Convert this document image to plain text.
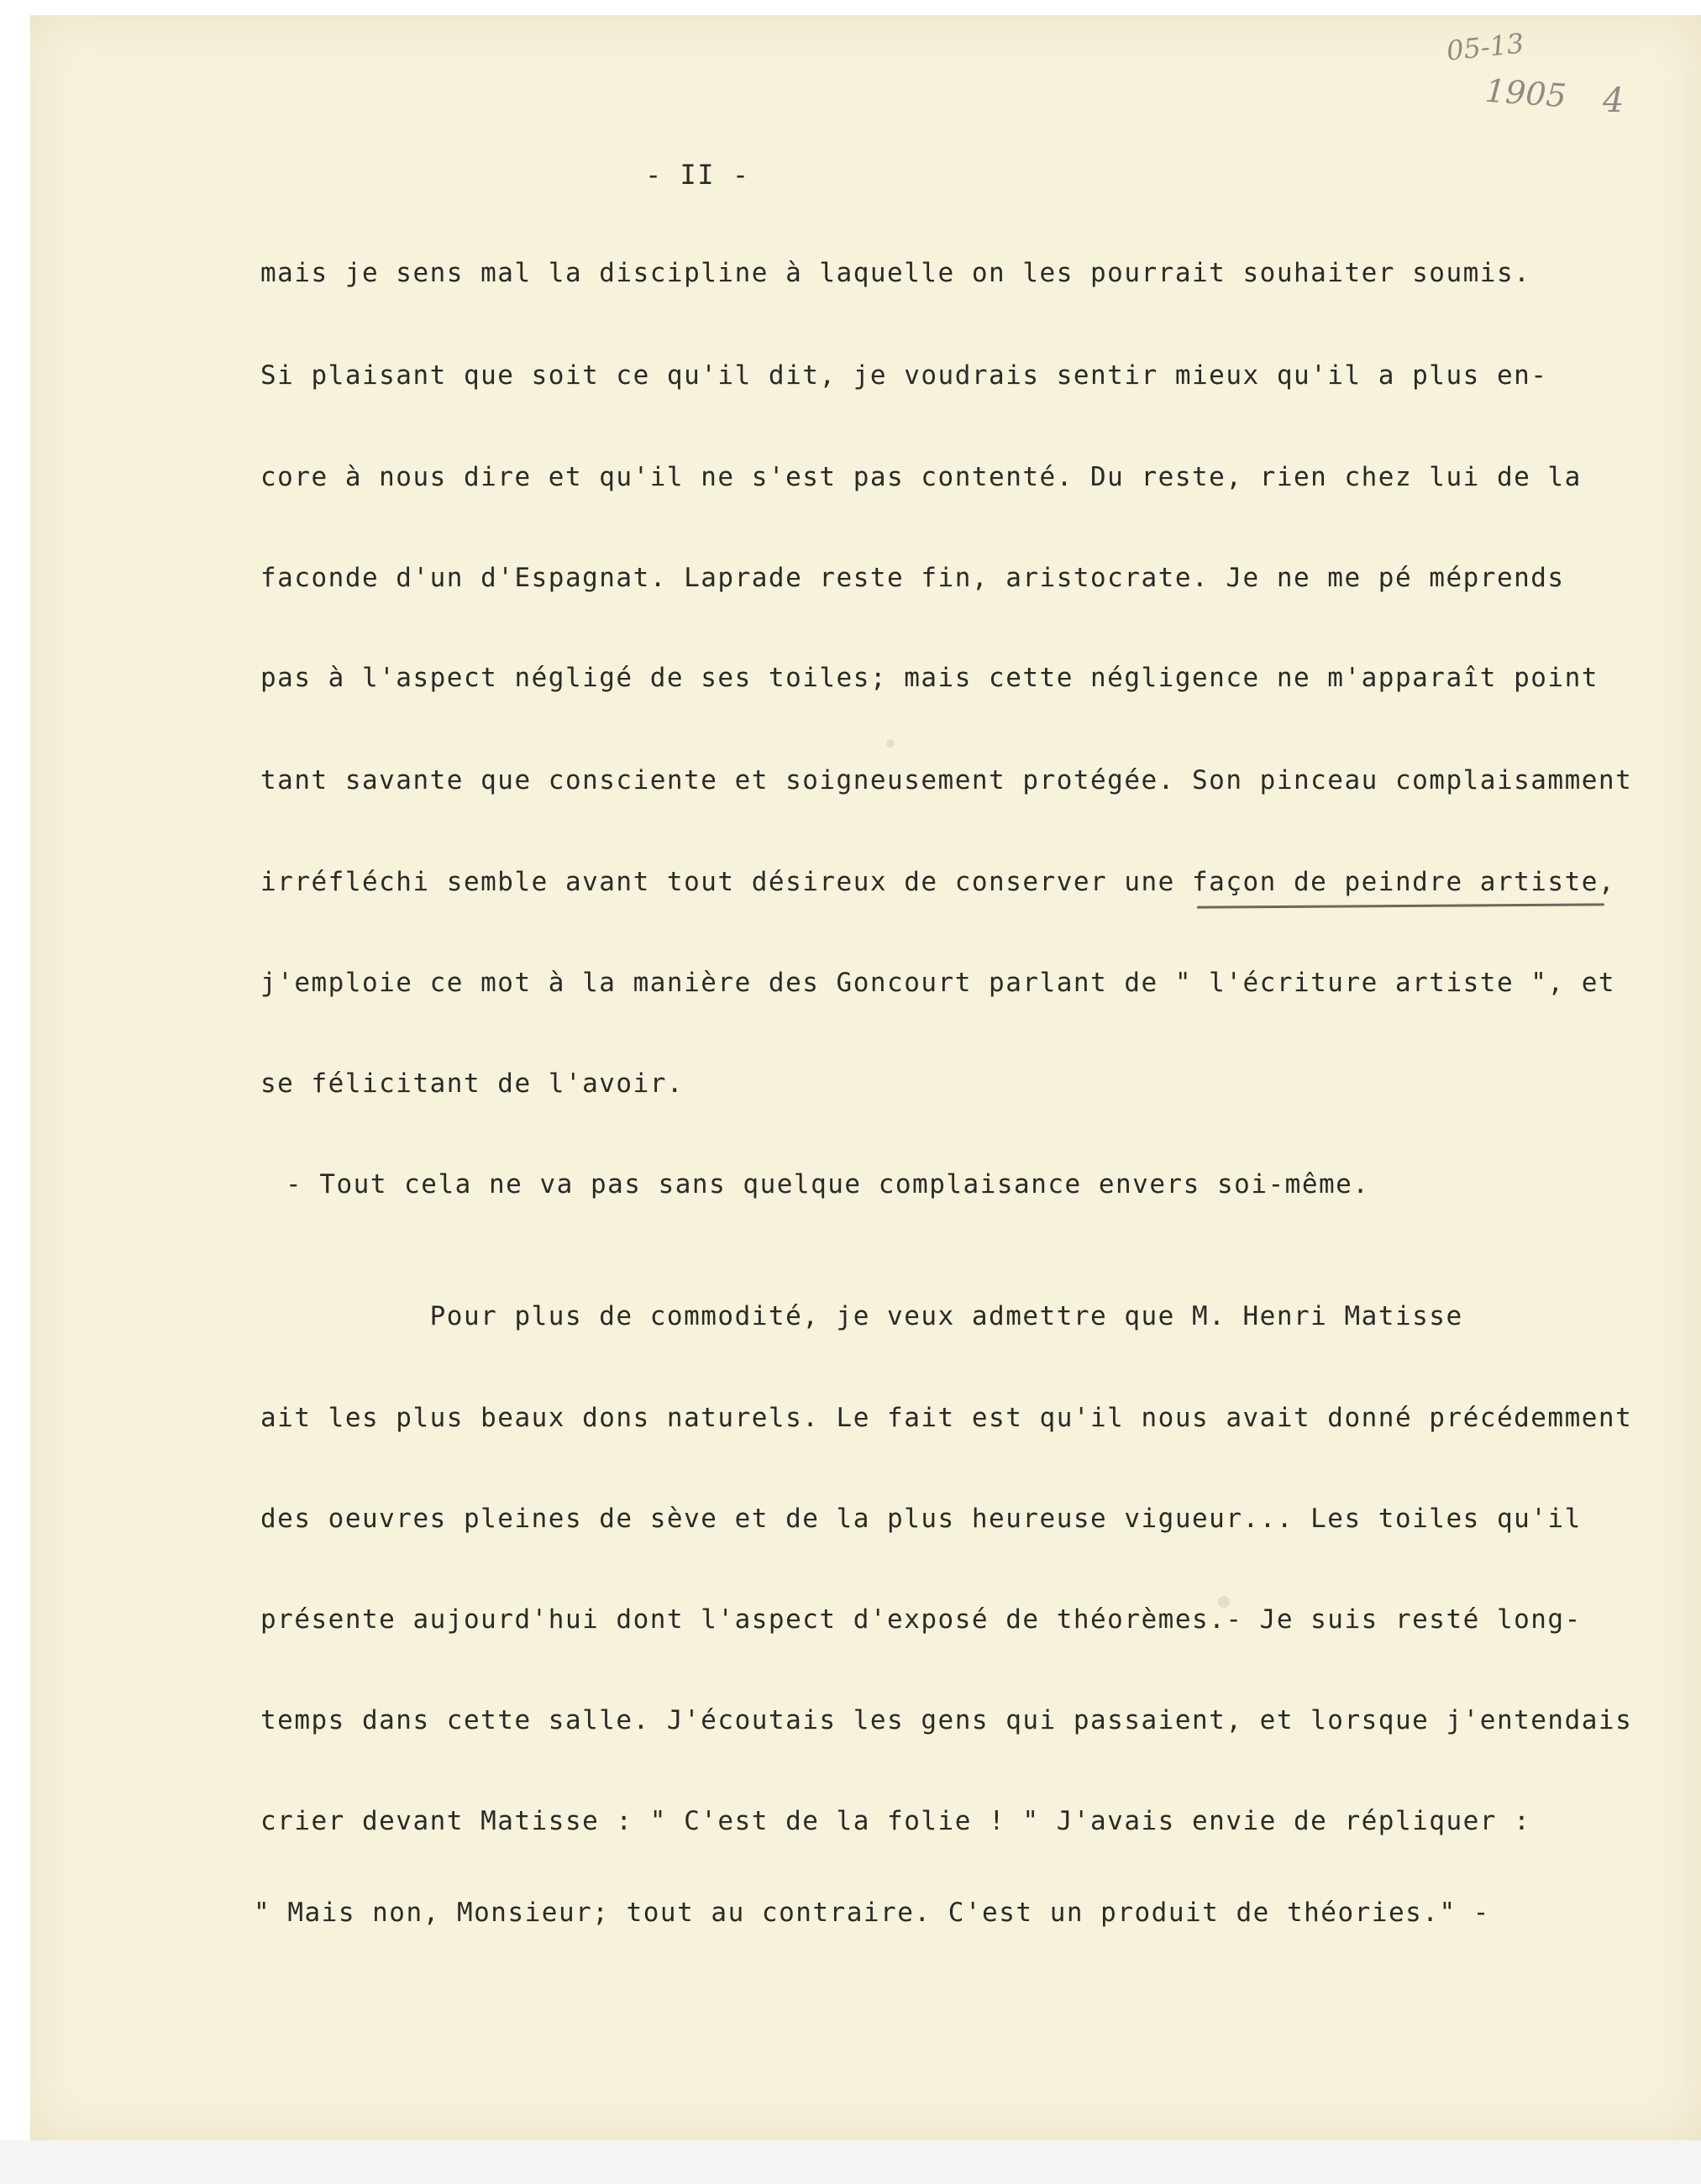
05-13
1905 4
- II -
mais je sens mal la discipline à laquelle on les pourrait souhaiter soumis.
Si plaisant que soit ce qu'il dit, je voudrais sentir mieux qu'il a plus en-
core à nous dire et qu'il ne s'est pas contenté. Du reste, rien chez lui de la
faconde d'un d'Espagnat. Laprade reste fin, aristocrate. Je ne me pé méprends
pas à l'aspect négligé de ses toiles; mais cette négligence ne m'apparaît point
tant savante que consciente et soigneusement protégée. Son pinceau complaisamment
irréfléchi semble avant tout désireux de conserver une façon de peindre artiste,
j'emploie ce mot à la manière des Goncourt parlant de " l'écriture artiste ", et
se félicitant de l'avoir.
- Tout cela ne va pas sans quelque complaisance envers soi-même.
Pour plus de commodité, je veux admettre que M. Henri Matisse
ait les plus beaux dons naturels. Le fait est qu'il nous avait donné précédemment
des oeuvres pleines de sève et de la plus heureuse vigueur... Les toiles qu'il
présente aujourd'hui dont l'aspect d'exposé de théorèmes.- Je suis resté long-
temps dans cette salle. J'écoutais les gens qui passaient, et lorsque j'entendais
crier devant Matisse : " C'est de la folie ! " J'avais envie de répliquer :
" Mais non, Monsieur; tout au contraire. C'est un produit de théories." -
